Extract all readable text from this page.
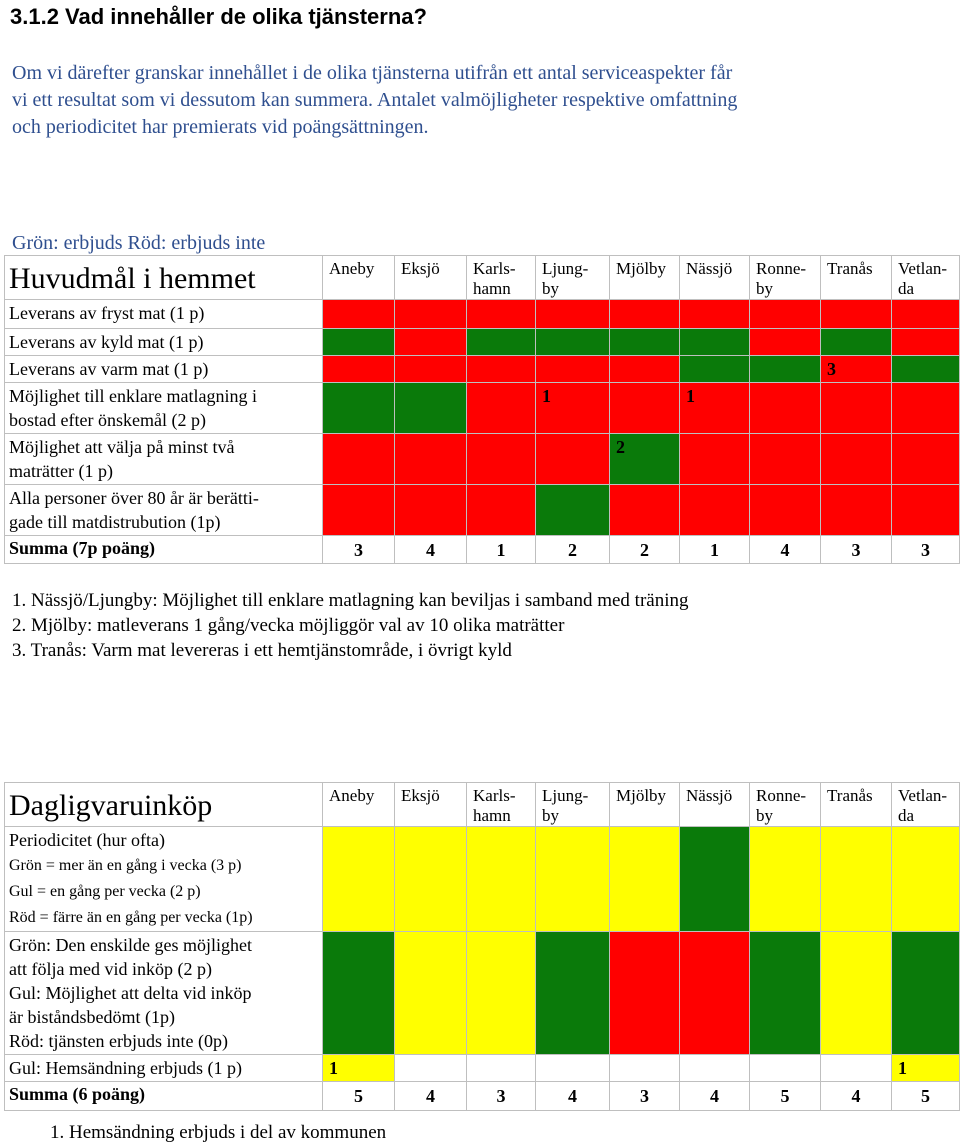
3.1.2 Vad innehåller de olika tjänsterna?
Om vi därefter granskar innehållet i de olika tjänsterna utifrån ett antal serviceaspekter får
vi ett resultat som vi dessutom kan summera. Antalet valmöjligheter respektive omfattning
och periodicitet har premierats vid poängsättningen.
Grön: erbjuds Röd: erbjuds inte
Huvudmål i hemmet	Aneby	Eksjö	Karls-
hamn	Ljung-
by	Mjölby	Nässjö	Ronne-
by	Tranås	Vetlan-
da
Leverans av fryst mat (1 p)									
Leverans av kyld mat (1 p)									
Leverans av varm mat (1 p)								3	

Möjlighet till enklare matlagning i
bostad efter önskemål (2 p)				1		1			

Möjlighet att välja på minst två
maträtter (1 p)					2				

Alla personer över 80 år är berätti-
gade till matdistrubution (1p)									
Summa (7p poäng)	3	4	1	2	2	1	4	3	3
1. Nässjö/Ljungby: Möjlighet till enklare matlagning kan beviljas i samband med träning
2. Mjölby: matleverans 1 gång/vecka möjliggör val av 10 olika maträtter
3. Tranås: Varm mat levereras i ett hemtjänstområde, i övrigt kyld
Dagligvaruinköp	Aneby	Eksjö	Karls-
hamn	Ljung-
by	Mjölby	Nässjö	Ronne-
by	Tranås	Vetlan-
da
Periodicitet (hur ofta)
Grön = mer än en gång i vecka (3 p)
Gul = en gång per vecka (2 p)
Röd = färre än en gång per vecka (1p)									
Grön: Den enskilde ges möjlighet
att följa med vid inköp (2 p)
Gul: Möjlighet att delta vid inköp
är biståndsbedömt (1p)
Röd: tjänsten erbjuds inte (0p)									
Gul: Hemsändning erbjuds (1 p)	1								1

Summa (6 poäng)	5	4	3	4	3	4	5	4	5
1. Hemsändning erbjuds i del av kommunen
